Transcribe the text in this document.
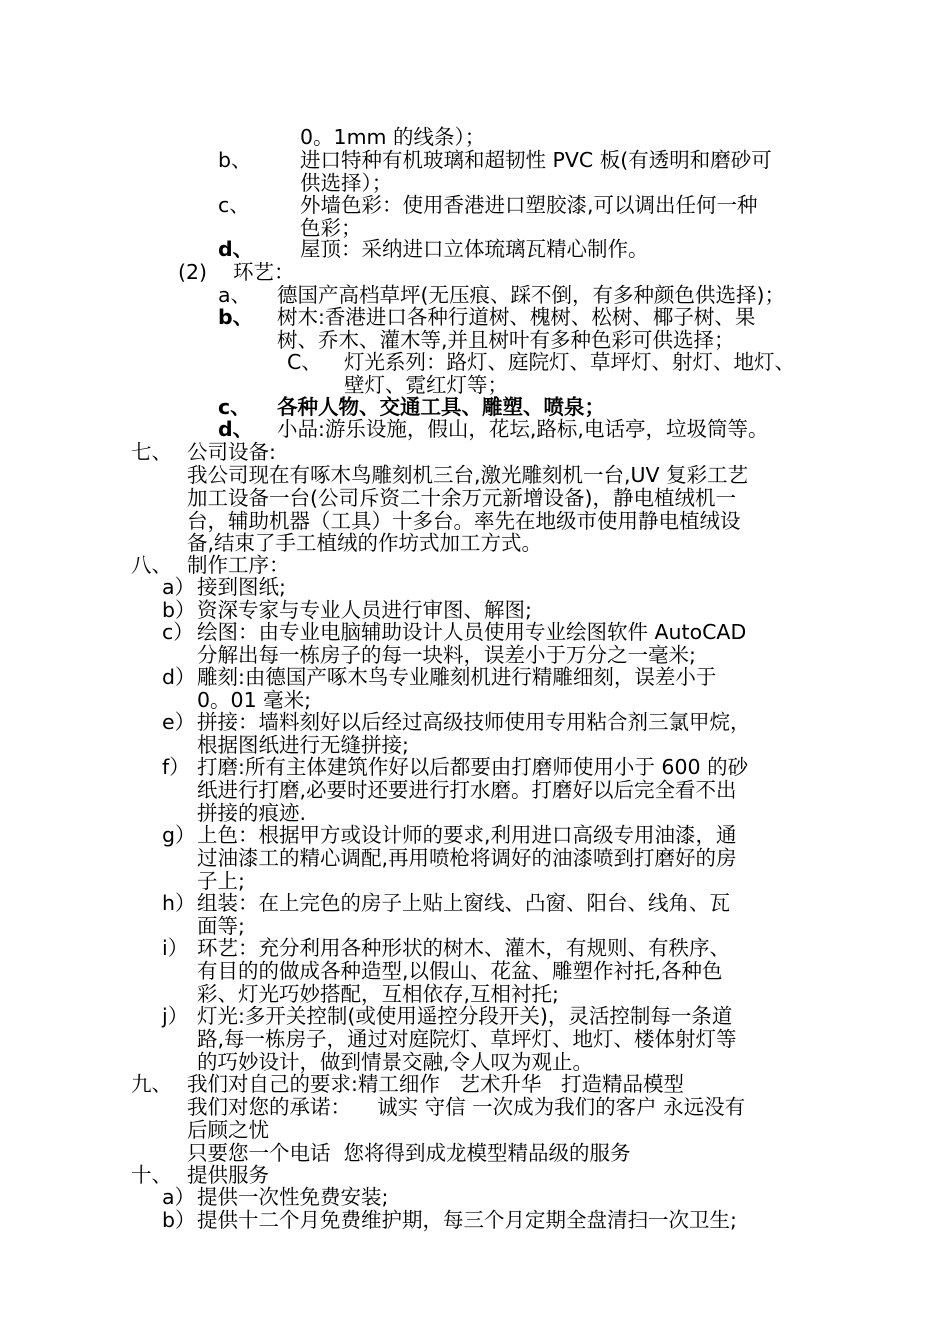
0。1mm 的线条）；
b、 进口特种有机玻璃和超韧性 PVC 板(有透明和磨砂可
供选择）；
c、 外墙色彩：使用香港进口塑胶漆,可以调出任何一种
色彩；
d、 屋顶：采纳进口立体琉璃瓦精心制作。
(2) 环艺：
a、 德国产高档草坪(无压痕、踩不倒，有多种颜色供选择)；
b、 树木:香港进口各种行道树、槐树、松树、椰子树、果
树、乔木、灌木等,并且树叶有多种色彩可供选择；
C、 灯光系列：路灯、庭院灯、草坪灯、射灯、地灯、
壁灯、霓红灯等；
c、 各种人物、交通工具、雕塑、喷泉；
d、 小品:游乐设施，假山，花坛,路标,电话亭，垃圾筒等。
七、 公司设备:
我公司现在有啄木鸟雕刻机三台,激光雕刻机一台,UV 复彩工艺
加工设备一台(公司斥资二十余万元新增设备)，静电植绒机一
台，辅助机器（工具）十多台。率先在地级市使用静电植绒设
备,结束了手工植绒的作坊式加工方式。
八、 制作工序：
a） 接到图纸;
b） 资深专家与专业人员进行审图、解图;
c） 绘图：由专业电脑辅助设计人员使用专业绘图软件 AutoCAD
分解出每一栋房子的每一块料，误差小于万分之一毫米;
d） 雕刻:由德国产啄木鸟专业雕刻机进行精雕细刻，误差小于
0。01 毫米;
e） 拼接：墙料刻好以后经过高级技师使用专用粘合剂三氯甲烷，
根据图纸进行无缝拼接;
f） 打磨:所有主体建筑作好以后都要由打磨师使用小于 600 的砂
纸进行打磨,必要时还要进行打水磨。打磨好以后完全看不出
拼接的痕迹.
g） 上色：根据甲方或设计师的要求,利用进口高级专用油漆，通
过油漆工的精心调配,再用喷枪将调好的油漆喷到打磨好的房
子上;
h） 组装：在上完色的房子上贴上窗线、凸窗、阳台、线角、瓦
面等;
i） 环艺：充分利用各种形状的树木、灌木，有规则、有秩序、
有目的的做成各种造型,以假山、花盆、雕塑作衬托,各种色
彩、灯光巧妙搭配，互相依存,互相衬托;
j） 灯光:多开关控制(或使用遥控分段开关)，灵活控制每一条道
路,每一栋房子，通过对庭院灯、草坪灯、地灯、楼体射灯等
的巧妙设计，做到情景交融,令人叹为观止。
九、 我们对自己的要求:精工细作   艺术升华   打造精品模型
我们对您的承诺：    诚实 守信 一次成为我们的客户 永远没有
后顾之忧
只要您一个电话  您将得到成龙模型精品级的服务
十、 提供服务
a） 提供一次性免费安装;
b） 提供十二个月免费维护期，每三个月定期全盘清扫一次卫生;
